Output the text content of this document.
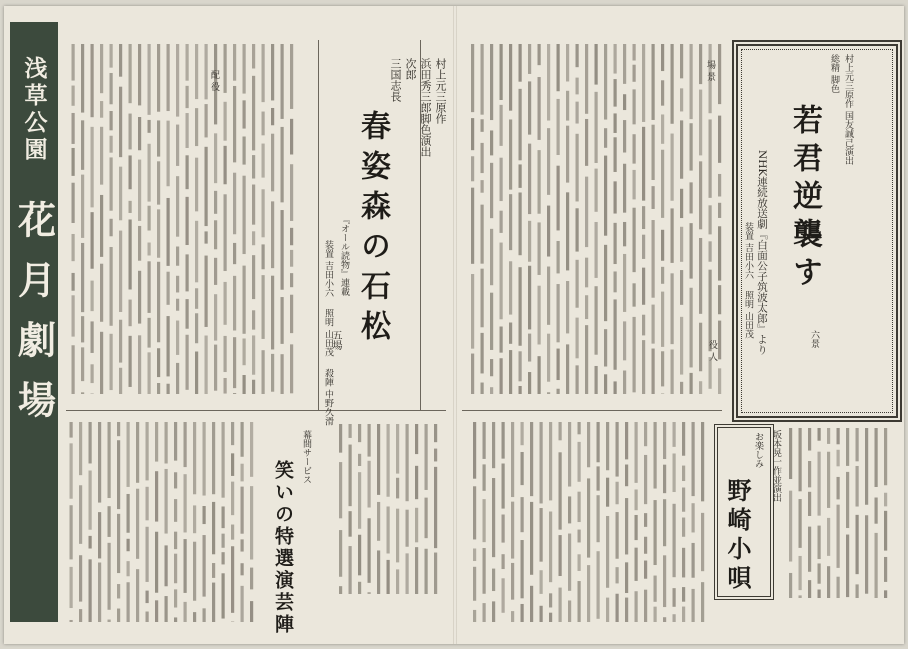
浅草公園
花月劇場
村上元三原作
浜田秀三郎脚色演出
次郎
三国志長
春姿森の石松
五場
『オール読物』連載
装置 吉田小六　 照明 山田茂　 殺陣 中野久滑
幕間サービス
笑いの特選演芸陣
村上元三原作 国友誠己演出
総精 脚色
若君逆襲す
六景
NHK連続放送劇『白面公子筑波太郎』より
装置 吉田小六　 照明 山田茂
坂本晃一作並演出
お楽しみ
野崎小唄
役 人
配 役	場 景
